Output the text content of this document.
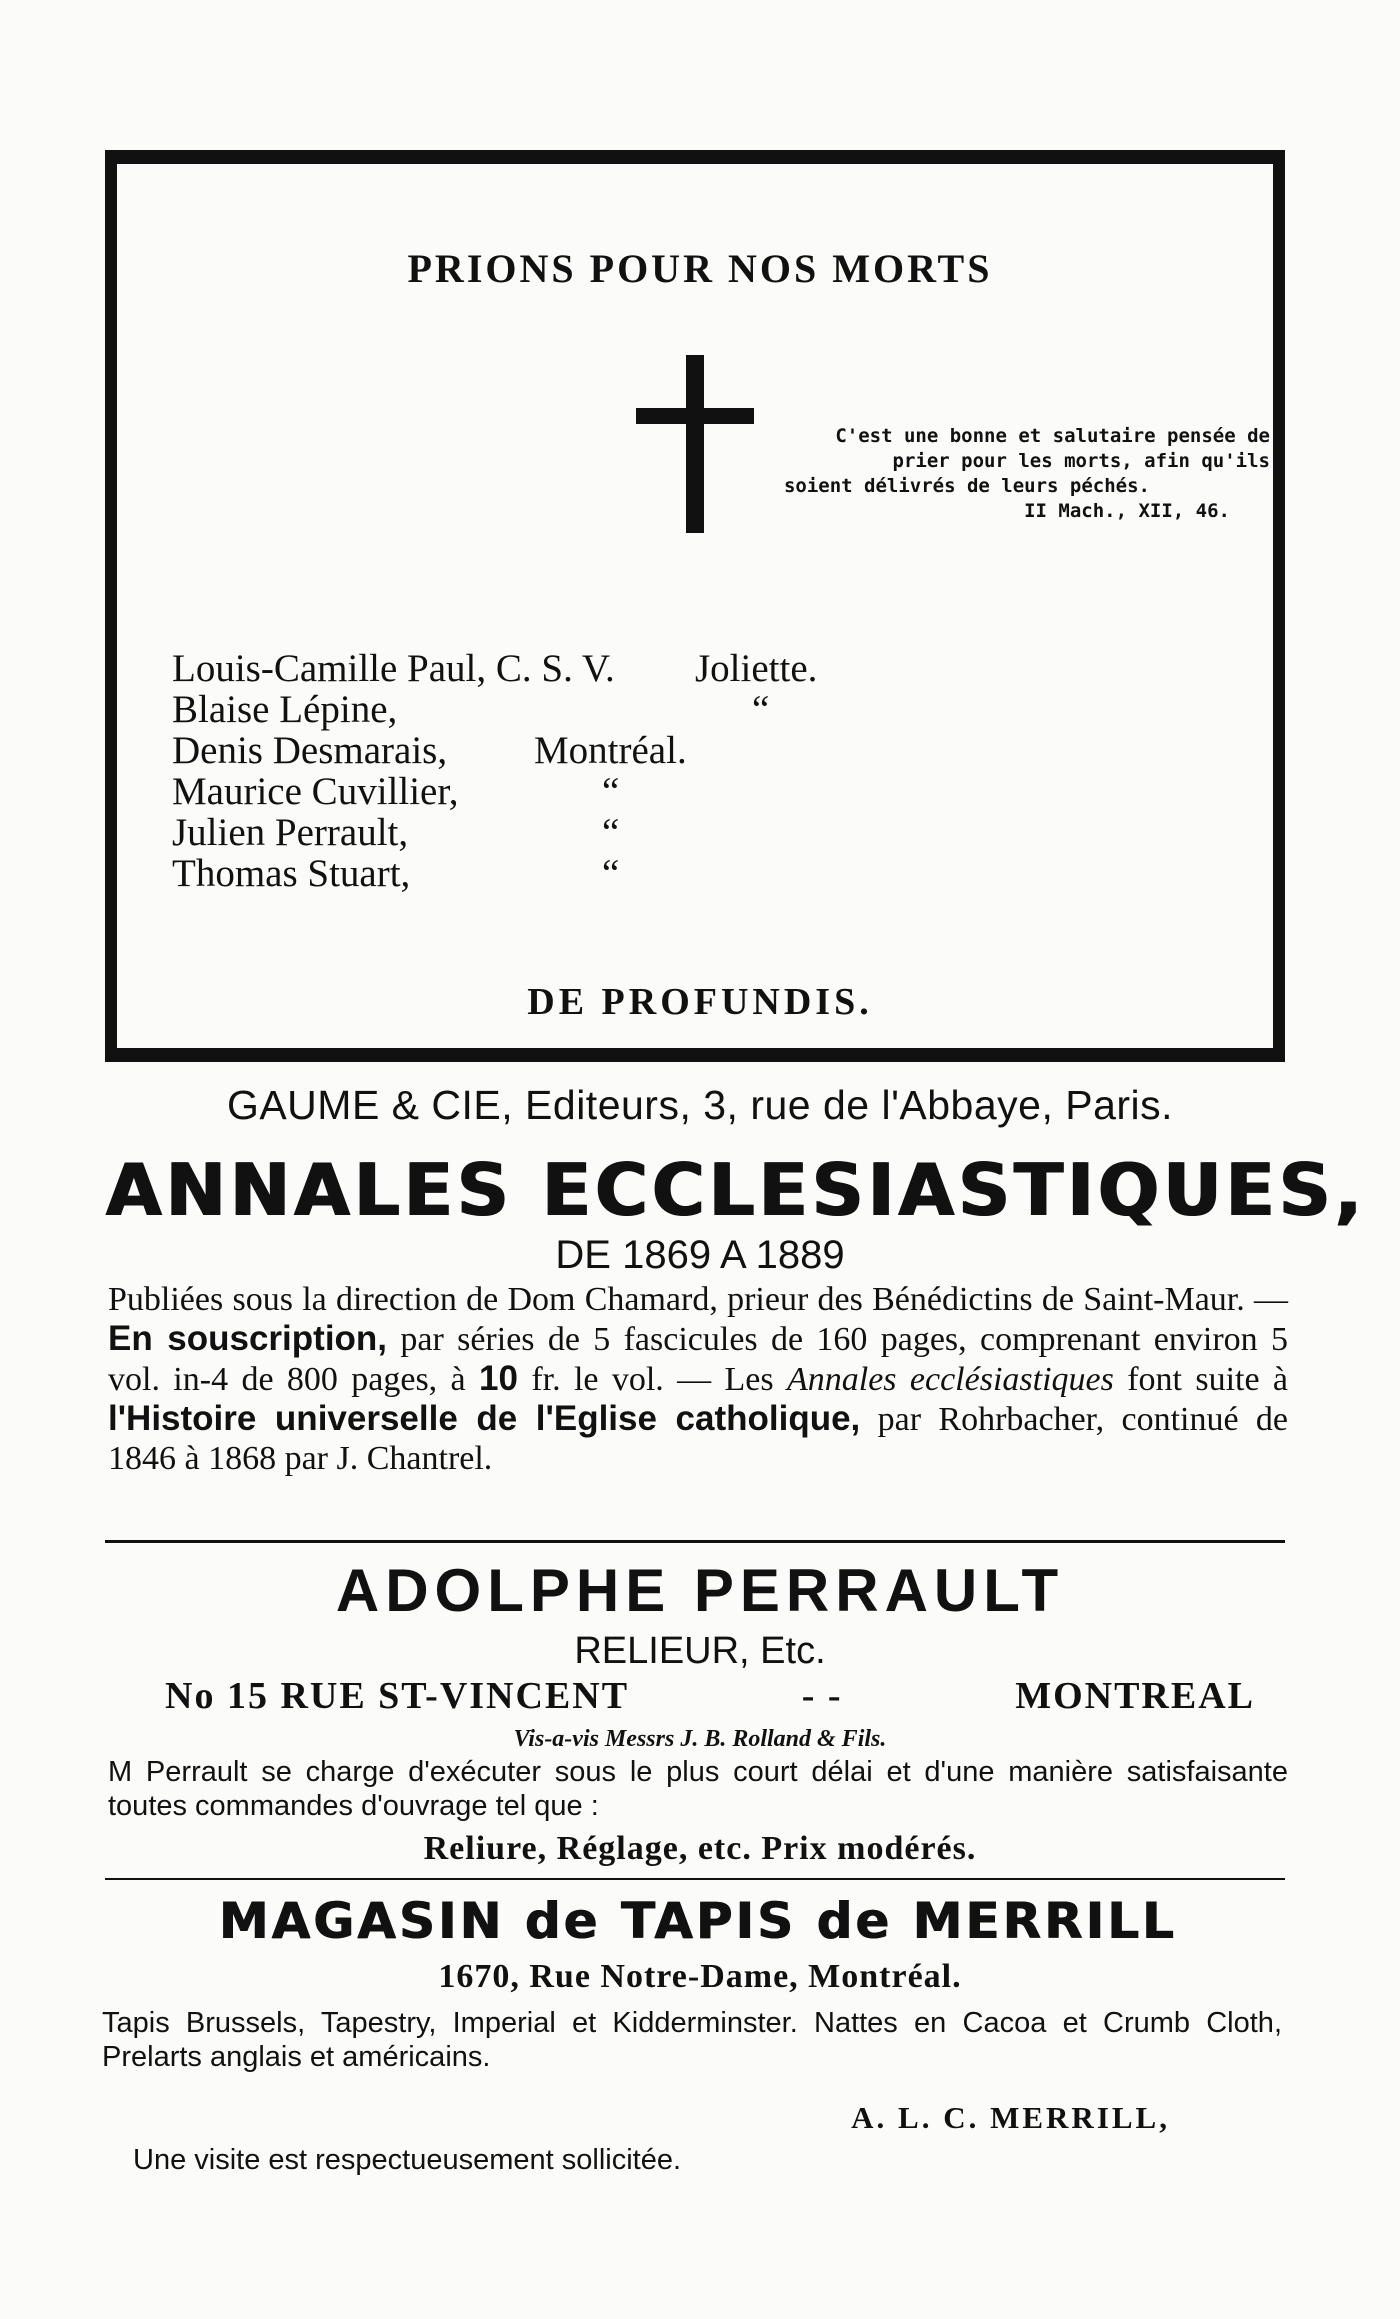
PRIONS POUR NOS MORTS
C'est une bonne et salutaire pensée de
prier pour les morts, afin qu'ils
soient délivrés de leurs péchés.
II Mach., XII, 46.
Louis-Camille Paul, C. S. V. Joliette.
Blaise Lépine,	“
Denis Desmarais, Montréal.
Maurice Cuvillier,	“
Julien Perrault,	“
Thomas Stuart,	“
DE PROFUNDIS.
GAUME & CIE, Editeurs, 3, rue de l'Abbaye, Paris.
ANNALES ECCLESIASTIQUES,
DE 1869 A 1889
Publiées sous la direction de Dom Chamard, prieur des Bénédictins de Saint-Maur. — En souscription, par séries de 5 fascicules de 160 pages, comprenant environ 5 vol. in-4 de 800 pages, à 10 fr. le vol. — Les Annales ecclésiastiques font suite à l'Histoire universelle de l'Eglise catholique, par Rohrbacher, continué de 1846 à 1868 par J. Chantrel.
ADOLPHE PERRAULT
RELIEUR, Etc.
No 15 RUE ST-VINCENT	- -	MONTREAL
Vis-a-vis Messrs J. B. Rolland & Fils.
M Perrault se charge d'exécuter sous le plus court délai et d'une manière satisfaisante toutes commandes d'ouvrage tel que :
Reliure, Réglage, etc. Prix modérés.
MAGASIN de TAPIS de MERRILL
1670, Rue Notre-Dame, Montréal.
Tapis Brussels, Tapestry, Imperial et Kidderminster. Nattes en Cacoa et Crumb Cloth, Prelarts anglais et américains.
A. L. C. MERRILL,
Une visite est respectueusement sollicitée.
